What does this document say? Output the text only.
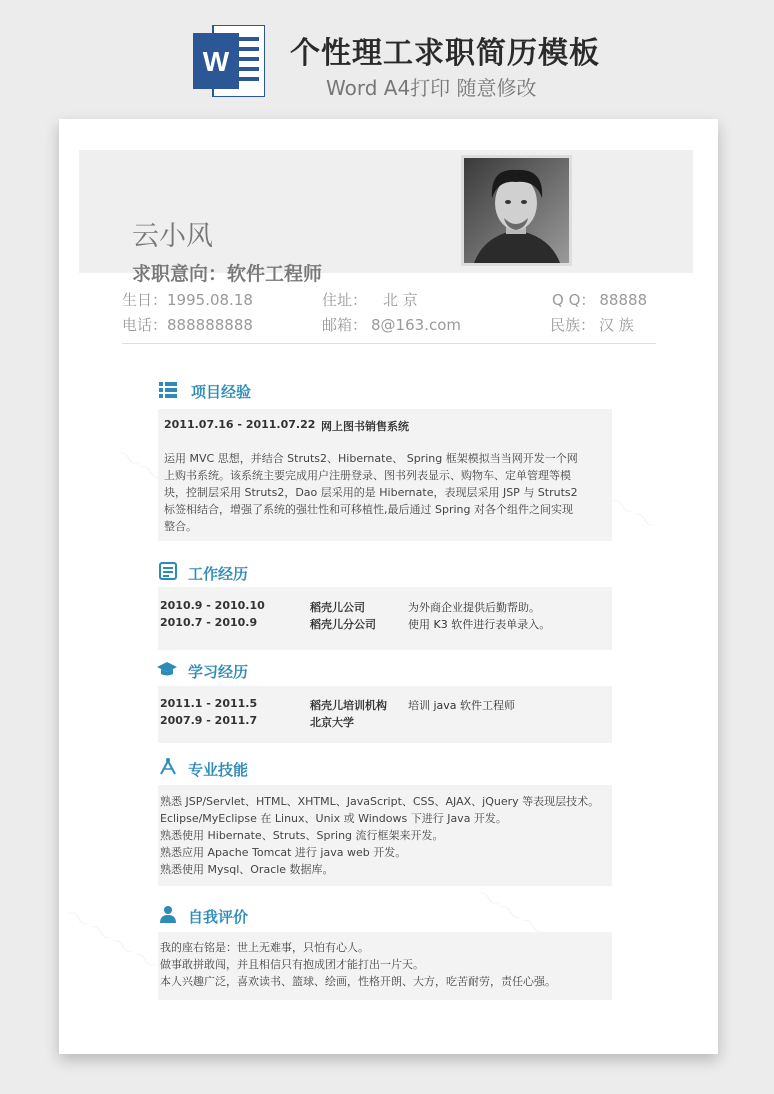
W 个性理工求职简历模板
Word A4打印 随意修改
云小风
求职意向：软件工程师
生日：1995.08.18	住址： 北 京	Q Q： 88888
电话：888888888	邮箱： 8@163.com	民族： 汉 族
项目经验
2011.07.16 - 2011.07.22 网上图书销售系统
运用 MVC 思想，并结合 Struts2、Hibernate、 Spring 框架模拟当当网开发一个网
上购书系统。该系统主要完成用户注册登录、图书列表显示、购物车、定单管理等模
块，控制层采用 Struts2，Dao 层采用的是 Hibernate，表现层采用 JSP 与 Struts2
标签相结合，增强了系统的强壮性和可移植性,最后通过 Spring 对各个组件之间实现
整合。
工作经历
2010.9 - 2010.10	稻壳儿公司	为外商企业提供后勤帮助。
2010.7 - 2010.9	稻壳儿分公司	使用 K3 软件进行表单录入。
学习经历
2011.1 - 2011.5	稻壳儿培训机构 培训 java 软件工程师
2007.9 - 2011.7	北京大学
专业技能
熟悉 JSP/Servlet、HTML、XHTML、JavaScript、CSS、AJAX、jQuery 等表现层技术。
Eclipse/MyEclipse 在 Linux、Unix 或 Windows 下进行 Java 开发。
熟悉使用 Hibernate、Struts、Spring 流行框架来开发。
熟悉应用 Apache Tomcat 进行 java web 开发。
熟悉使用 Mysql、Oracle 数据库。
自我评价
我的座右铭是：世上无难事，只怕有心人。
做事敢拼敢闯，并且相信只有抱成团才能打出一片天。
本人兴趣广泛，喜欢读书、篮球、绘画，性格开朗、大方，吃苦耐劳，责任心强。
